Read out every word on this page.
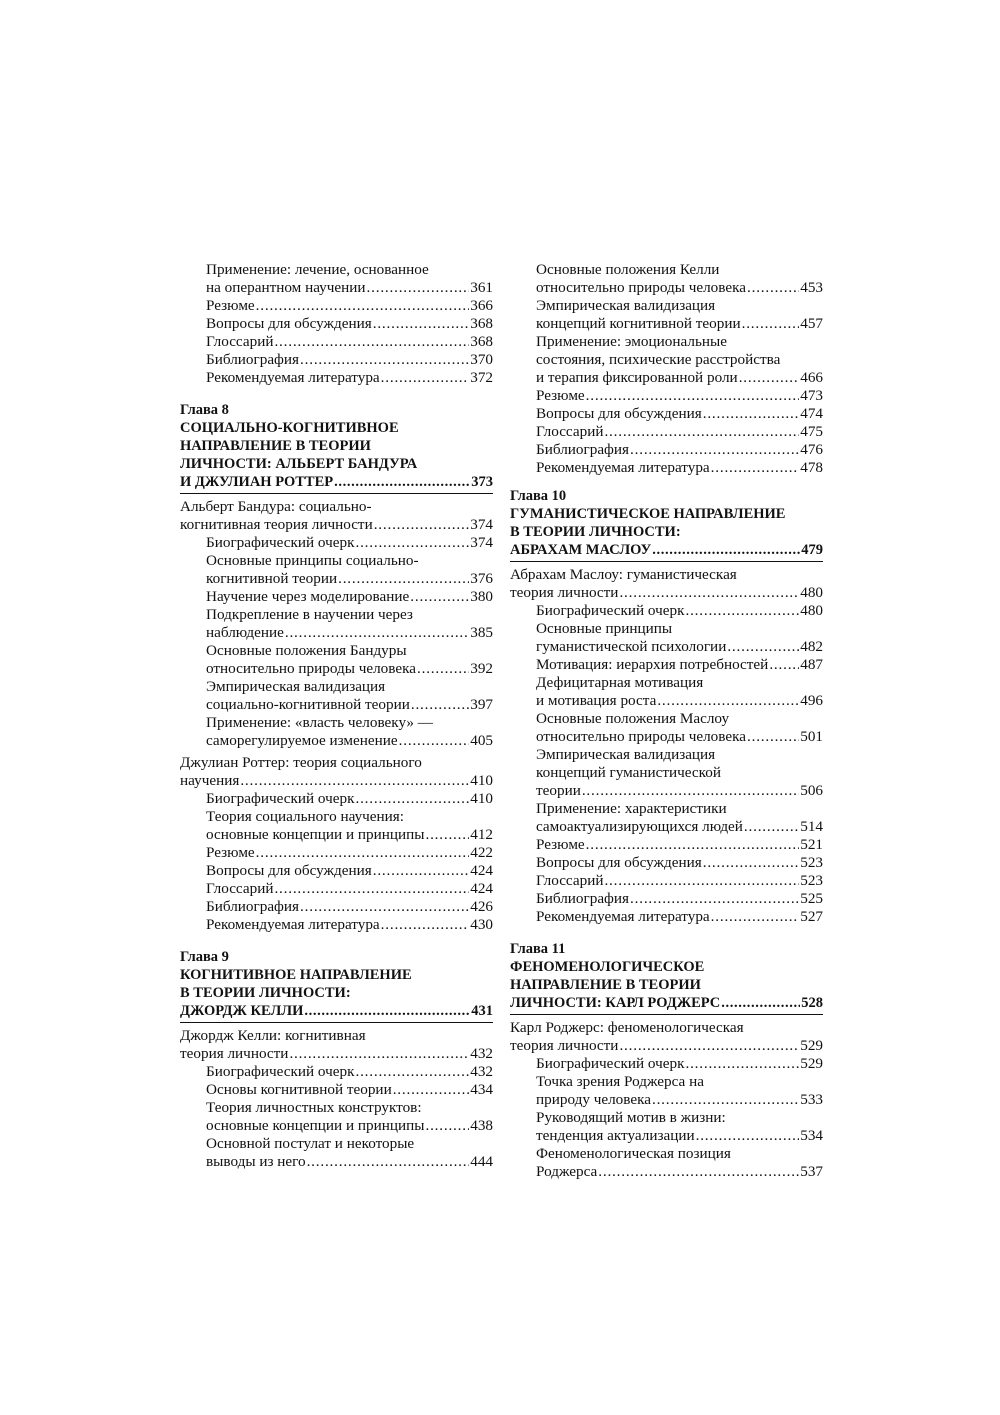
Применение: лечение, основанное
на оперантном научении . . .	361
Резюме . . .	366
Вопросы для обсуждения . . .	368
Глоссарий . . .	368
Библиография . . .	370
Рекомендуемая литература . . .	372
Глава 8
СОЦИАЛЬНО-КОГНИТИВНОЕ
НАПРАВЛЕНИЕ В ТЕОРИИ
ЛИЧНОСТИ: АЛЬБЕРТ БАНДУРА
И ДЖУЛИАН РОТТЕР . . .	373
Альберт Бандура: социально-
когнитивная теория личности . . .	374
Биографический очерк . . .	374
Основные принципы социально-
когнитивной теории . . .	376
Научение через моделирование . . .	380
Подкрепление в научении через
наблюдение . . .	385
Основные положения Бандуры
относительно природы человека . . .	392
Эмпирическая валидизация
социально-когнитивной теории . . .	397
Применение: «власть человеку» —
саморегулируемое изменение . . .	405
Джулиан Роттер: теория социального
научения . . .	410
Биографический очерк . . .	410
Теория социального научения:
основные концепции и принципы . . .	412
Резюме . . .	422
Вопросы для обсуждения . . .	424
Глоссарий . . .	424
Библиография . . .	426
Рекомендуемая литература . . .	430
Глава 9
КОГНИТИВНОЕ НАПРАВЛЕНИЕ
В ТЕОРИИ ЛИЧНОСТИ:
ДЖОРДЖ КЕЛЛИ . . .	431
Джордж Келли: когнитивная
теория личности . . .	432
Биографический очерк . . .	432
Основы когнитивной теории . . .	434
Теория личностных конструктов:
основные концепции и принципы . . .	438
Основной постулат и некоторые
выводы из него . . .	444
Основные положения Келли
относительно природы человека . . .	453
Эмпирическая валидизация
концепций когнитивной теории . . .	457
Применение: эмоциональные
состояния, психические расстройства
и терапия фиксированной роли . . .	466
Резюме . . .	473
Вопросы для обсуждения . . .	474
Глоссарий . . .	475
Библиография . . .	476
Рекомендуемая литература . . .	478
Глава 10
ГУМАНИСТИЧЕСКОЕ НАПРАВЛЕНИЕ
В ТЕОРИИ ЛИЧНОСТИ:
АБРАХАМ МАСЛОУ . . .	479
Абрахам Маслоу: гуманистическая
теория личности . . .	480
Биографический очерк . . .	480
Основные принципы
гуманистической психологии . . .	482
Мотивация: иерархия потребностей . . . 487
Дефицитарная мотивация
и мотивация роста . . .	496
Основные положения Маслоу
относительно природы человека . . .	501
Эмпирическая валидизация
концепций гуманистической
теории . . .	506
Применение: характеристики
самоактуализирующихся людей . . .	514
Резюме . . .	521
Вопросы для обсуждения . . .	523
Глоссарий . . .	523
Библиография . . .	525
Рекомендуемая литература . . .	527
Глава 11
ФЕНОМЕНОЛОГИЧЕСКОЕ
НАПРАВЛЕНИЕ В ТЕОРИИ
ЛИЧНОСТИ: КАРЛ РОДЖЕРС . . .	528
Карл Роджерс: феноменологическая
теория личности . . .	529
Биографический очерк . . .	529
Точка зрения Роджерса на
природу человека . . .	533
Руководящий мотив в жизни:
тенденция актуализации . . .	534
Феноменологическая позиция
Роджерса . . .	537
